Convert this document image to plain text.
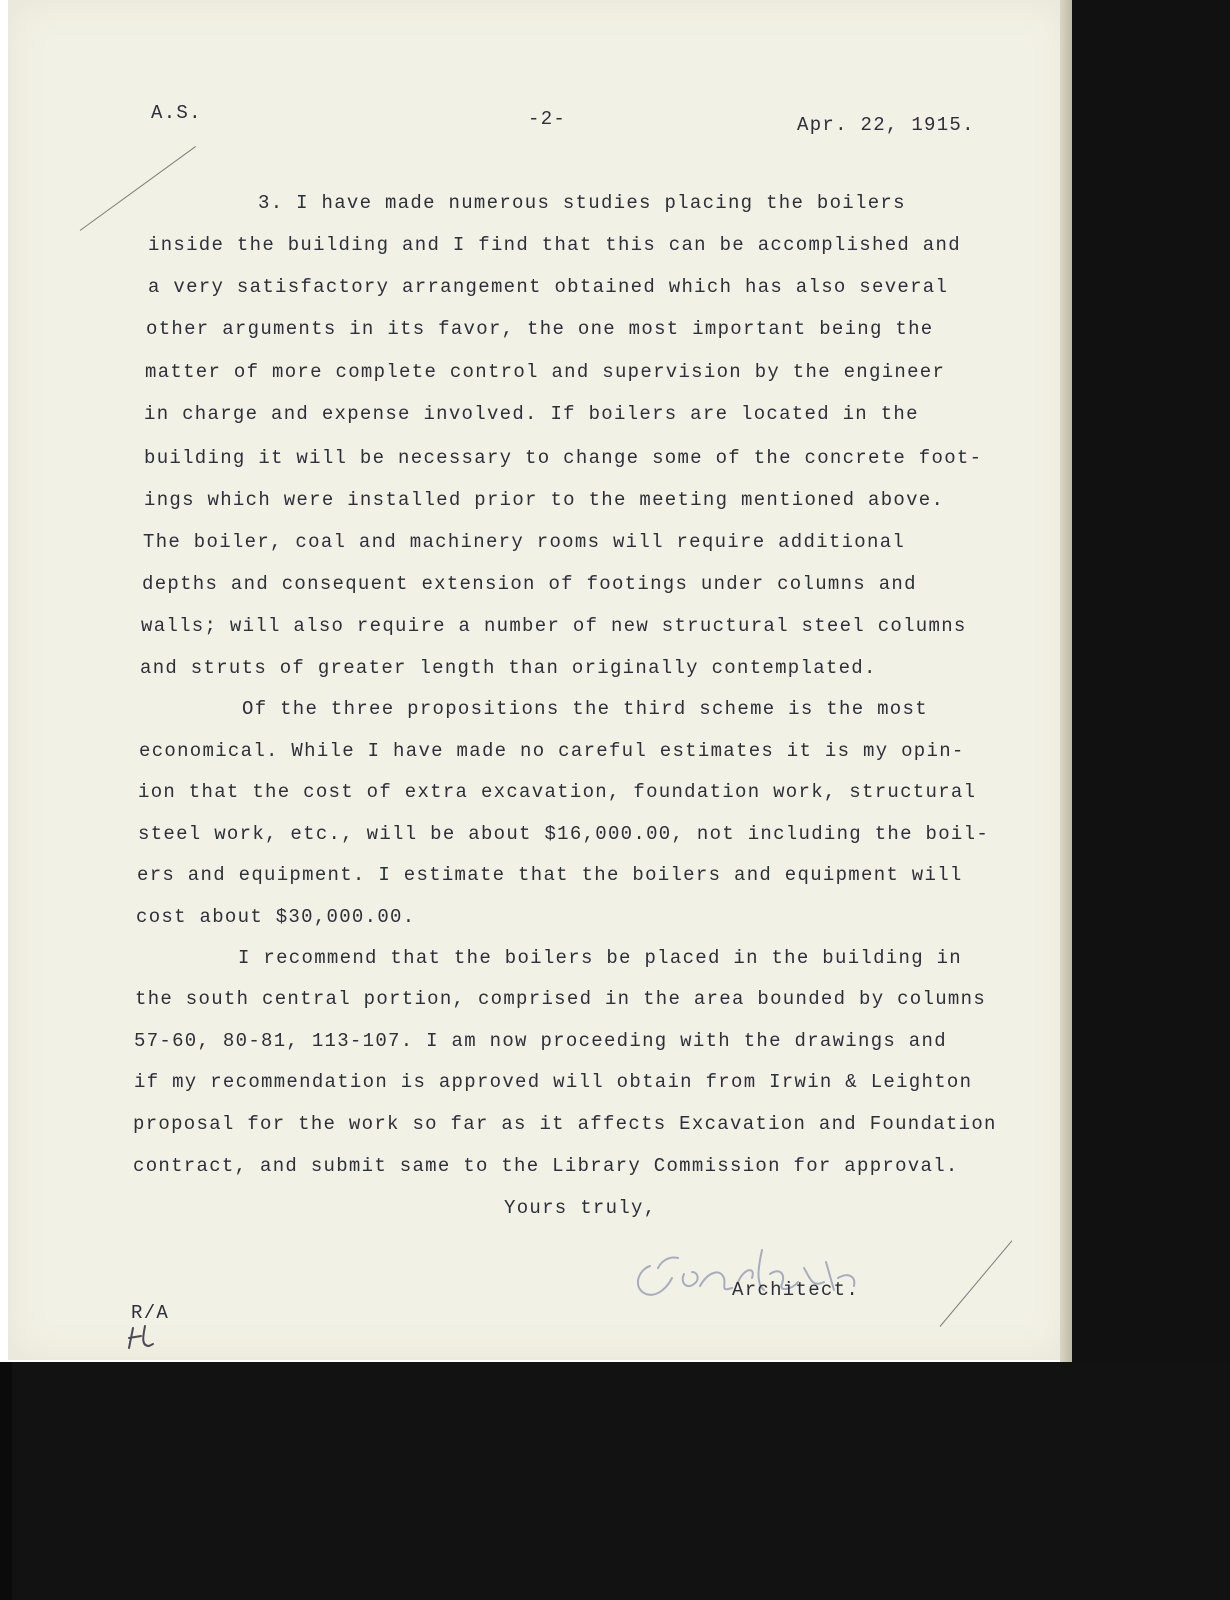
A.S.	-2-	Apr. 22, 1915.
3. I have made numerous studies placing the boilers
inside the building and I find that this can be accomplished and
a very satisfactory arrangement obtained which has also several
other arguments in its favor, the one most important being the
matter of more complete control and supervision by the engineer
in charge and expense involved. If boilers are located in the
building it will be necessary to change some of the concrete foot-
ings which were installed prior to the meeting mentioned above.
The boiler, coal and machinery rooms will require additional
depths and consequent extension of footings under columns and
walls; will also require a number of new structural steel columns
and struts of greater length than originally contemplated.
Of the three propositions the third scheme is the most
economical. While I have made no careful estimates it is my opin-
ion that the cost of extra excavation, foundation work, structural
steel work, etc., will be about $16,000.00, not including the boil-
ers and equipment. I estimate that the boilers and equipment will
cost about $30,000.00.
I recommend that the boilers be placed in the building in
the south central portion, comprised in the area bounded by columns
57-60, 80-81, 113-107. I am now proceeding with the drawings and
if my recommendation is approved will obtain from Irwin & Leighton
proposal for the work so far as it affects Excavation and Foundation
contract, and submit same to the Library Commission for approval.
Yours truly,
Architect.
R/A
